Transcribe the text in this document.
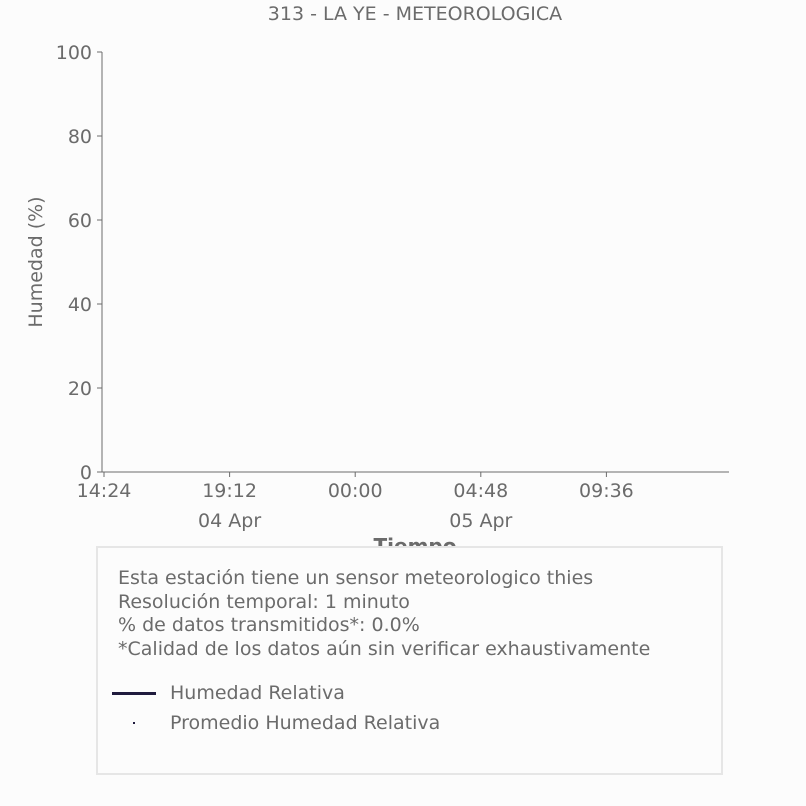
313 - LA YE - METEOROLOGICA
0
20
40
60
80
100
14:24	19:12
04 Apr
00:00	04:48
05 Apr
09:36
Humedad (%)
Esta estación tiene un sensor meteorologico thies
Resolución temporal: 1 minuto
% de datos transmitidos*: 0.0%
*Calidad de los datos aún sin verificar exhaustivamente
Humedad Relativa
Promedio Humedad Relativa
